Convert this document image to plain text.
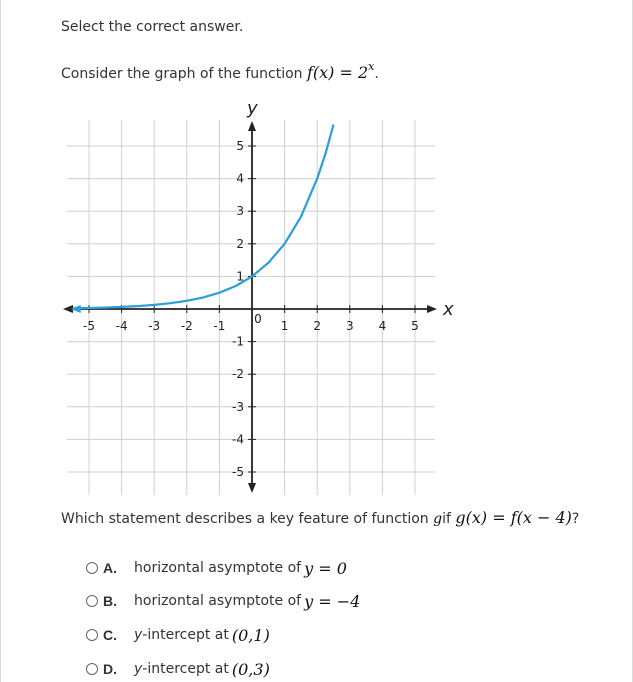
Select the correct answer.
Consider the graph of the function $f(x) = 2^x$.
x
y
-5 -4 -3 -2 -1 0 1 2 3 4 5
5
4
3
2
1
-1
-2
-3
-4
-5
Which statement describes a key feature of function gif g(x) = f(x − 4)?
A.	horizontal asymptote of y = 0
B.	horizontal asymptote of y = −4
C.	y-intercept at (0,1)
D.	y-intercept at (0,3)
